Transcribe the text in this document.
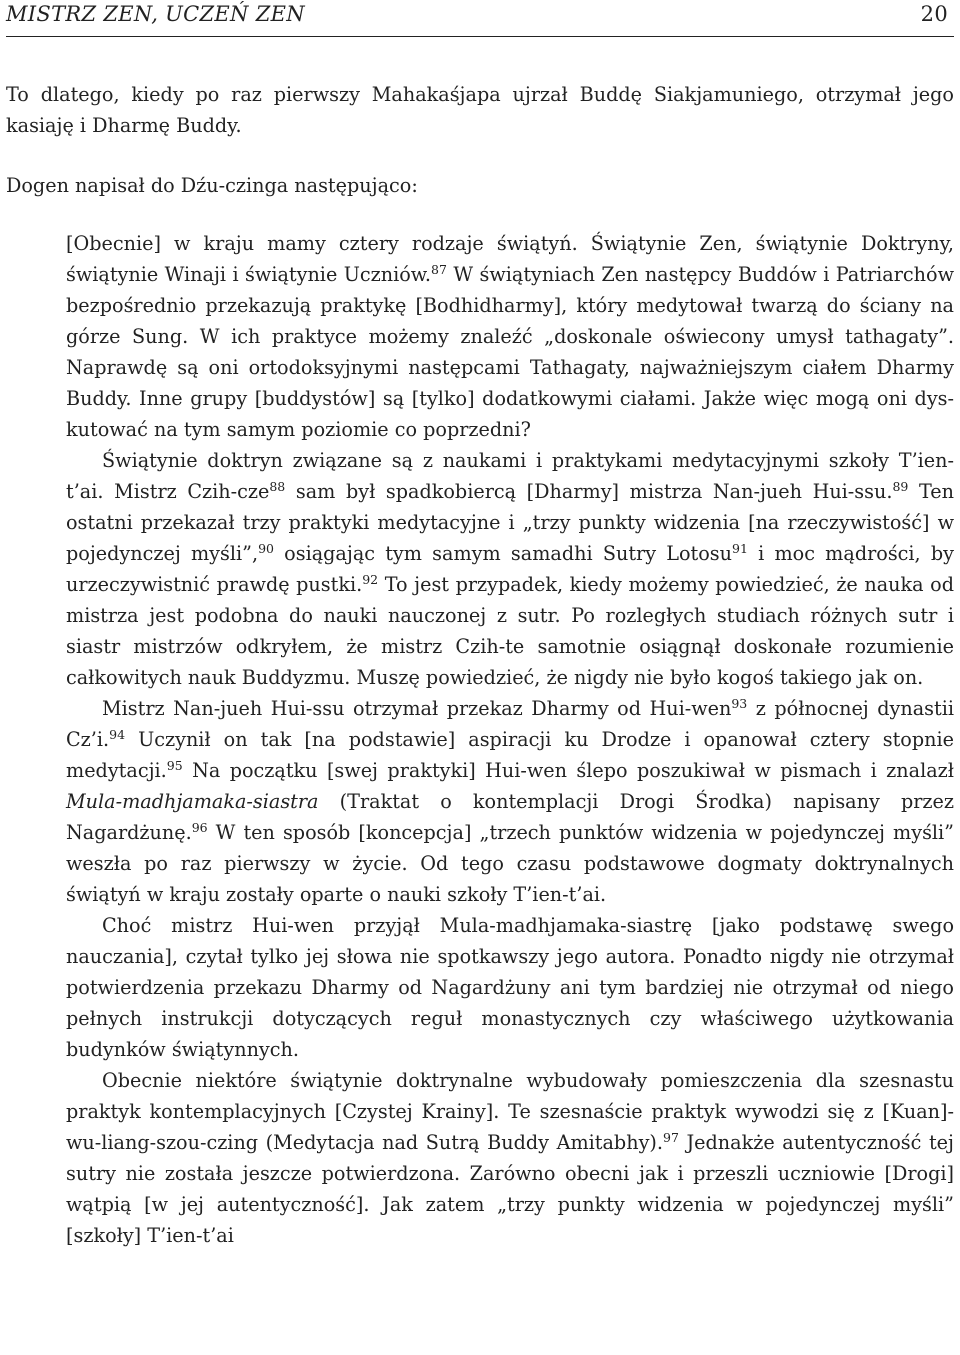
MISTRZ ZEN, UCZEŃ ZEN	20

To dlatego, kiedy po raz pierwszy Mahakaśjapa ujrzał Buddę Siakjamuniego, otrzymał jego kasiaję i Dharmę Buddy.

Dogen napisał do Dźu-czinga następująco:

[Obecnie] w kraju mamy cztery rodzaje świątyń. Świątynie Zen, świątynie Doktryny, świątynie Winaji i świątynie Uczniów.$^{87}$ W świątyniach Zen następcy Buddów i Patriarchów bezpośrednio przekazują praktykę [Bodhidharmy], który medytował twarzą do ściany na górze Sung. W ich praktyce możemy znaleźć „doskonale oświecony umysł tathagaty”. Naprawdę są oni ortodoksyjnymi następcami Tathagaty, najważniejszym ciałem Dharmy Buddy. Inne grupy [buddystów] są [tylko] dodatkowymi ciałami. Jakże więc mogą oni dyskutować na tym samym poziomie co poprzedni?

Świątynie doktryn związane są z naukami i praktykami medytacyjnymi szkoły T’ien-t’ai. Mistrz Czih-cze$^{88}$ sam był spadkobiercą [Dharmy] mistrza Nan-jueh Hui-ssu.$^{89}$ Ten ostatni przekazał trzy praktyki medytacyjne i „trzy punkty widzenia [na rzeczywistość] w pojedynczej myśli”,$^{90}$ osiągając tym samym samadhi Sutry Lotosu$^{91}$ i moc mądrości, by urzeczywistnić prawdę pustki.$^{92}$ To jest przypadek, kiedy możemy powiedzieć, że nauka od mistrza jest podobna do nauki nauczonej z sutr. Po rozległych studiach różnych sutr i siastr mistrzów odkryłem, że mistrz Czih-te samotnie osiągnął doskonałe rozumienie całkowitych nauk Buddyzmu. Muszę powiedzieć, że nigdy nie było kogoś takiego jak on.

Mistrz Nan-jueh Hui-ssu otrzymał przekaz Dharmy od Hui-wen$^{93}$ z północnej dynastii Cz’i.$^{94}$ Uczynił on tak [na podstawie] aspiracji ku Drodze i opanował cztery stopnie medytacji.$^{95}$ Na początku [swej praktyki] Hui-wen ślepo poszukiwał w pismach i znalazł Mula-madhjamaka-siastra (Traktat o kontemplacji Drogi Środka) napisany przez Nagardżunę.$^{96}$ W ten sposób [koncepcja] „trzech punktów widzenia w pojedynczej myśli” weszła po raz pierwszy w życie. Od tego czasu podstawowe dogmaty doktrynalnych świątyń w kraju zostały oparte o nauki szkoły T’ien-t’ai.

Choć mistrz Hui-wen przyjął Mula-madhjamaka-siastrę [jako podstawę swego nauczania], czytał tylko jej słowa nie spotkawszy jego autora. Ponadto nigdy nie otrzymał potwierdzenia przekazu Dharmy od Nagardżuny ani tym bardziej nie otrzymał od niego pełnych instrukcji dotyczących reguł monastycznych czy właściwego użytkowania budynków świątynnych.

Obecnie niektóre świątynie doktrynalne wybudowały pomieszczenia dla szesnastu praktyk kontemplacyjnych [Czystej Krainy]. Te szesnaście praktyk wywodzi się z [Kuan]-wu-liang-szou-czing (Medytacja nad Sutrą Buddy Amitabhy).$^{97}$ Jednakże autentyczność tej sutry nie została jeszcze potwierdzona. Zarówno obecni jak i przeszli uczniowie [Drogi] wątpią [w jej autentyczność]. Jak zatem „trzy punkty widzenia w pojedynczej myśli” [szkoły] T’ien-t’ai
